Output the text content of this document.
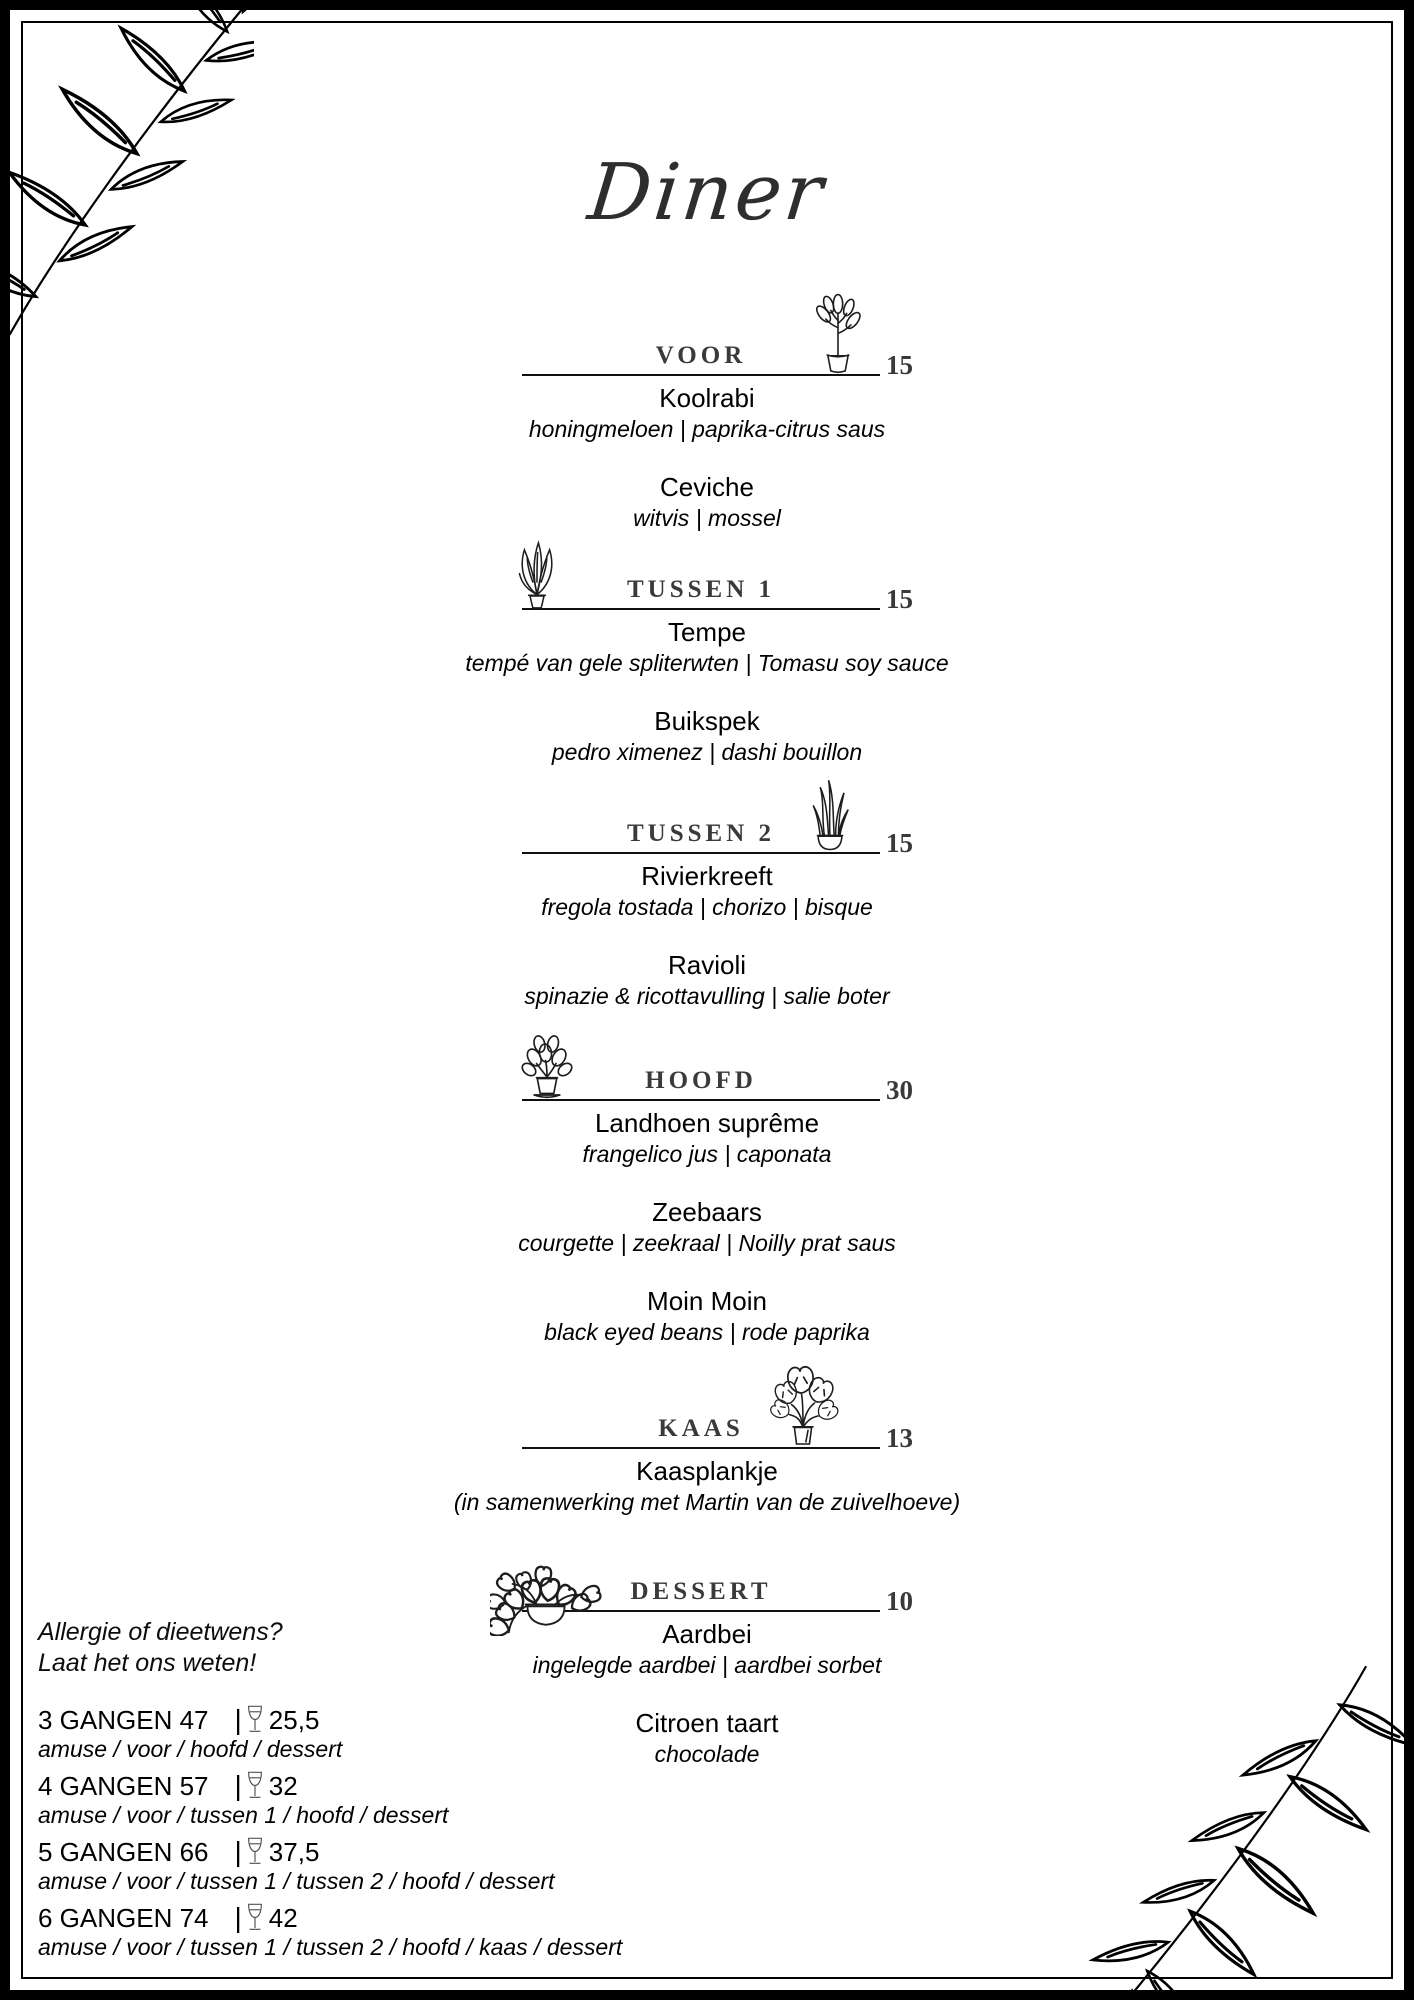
Diner
VOOR	15
Koolrabi
honingmeloen | paprika-citrus saus
Ceviche
witvis | mossel
TUSSEN 1	15
Tempe
tempé van gele spliterwten | Tomasu soy sauce
Buikspek
pedro ximenez | dashi bouillon
TUSSEN 2	15
Rivierkreeft
fregola tostada | chorizo | bisque
Ravioli
spinazie & ricottavulling | salie boter
HOOFD	30
Landhoen suprême
frangelico jus | caponata
Zeebaars
courgette | zeekraal | Noilly prat saus
Moin Moin
black eyed beans | rode paprika
KAAS	13
Kaasplankje
(in samenwerking met Martin van de zuivelhoeve)
DESSERT	10
Aardbei
ingelegde aardbei | aardbei sorbet
Citroen taart
chocolade
Allergie of dieetwens?
Laat het ons weten!
3 GANGEN 47 | 25,5
amuse / voor / hoofd / dessert
4 GANGEN 57 | 32
amuse / voor / tussen 1 / hoofd / dessert
5 GANGEN 66 | 37,5
amuse / voor / tussen 1 / tussen 2 / hoofd / dessert
6 GANGEN 74 | 42
amuse / voor / tussen 1 / tussen 2 / hoofd / kaas / dessert
